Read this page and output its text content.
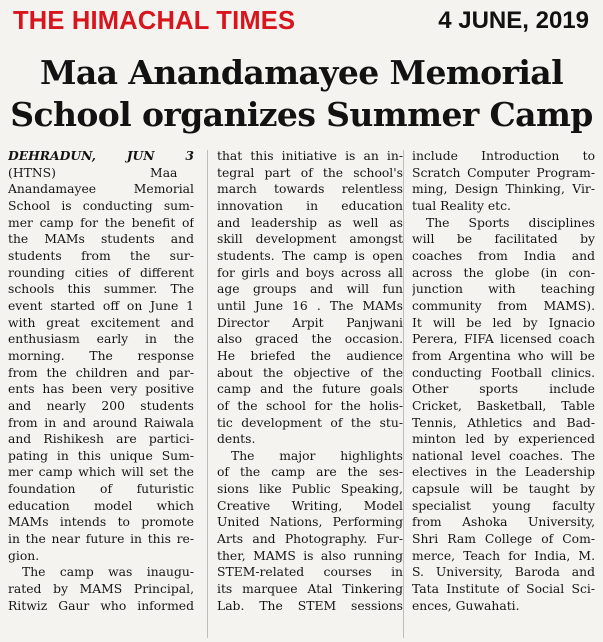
THE HIMACHAL TIMES	4 JUNE, 2019
Maa Anandamayee Memorial
School organizes Summer Camp
DEHRADUN, JUN 3
(HTNS)                        Maa
Anandamayee Memorial
School is conducting sum-
mer camp for the benefit of
the MAMs students and
students from the sur-
rounding cities of different
schools this summer. The
event started off on June 1
with great excitement and
enthusiasm early in the
morning. The response
from the children and par-
ents has been very positive
and nearly 200 students
from in and around Raiwala
and Rishikesh are partici-
pating in this unique Sum-
mer camp which will set the
foundation of futuristic
education model which
MAMs intends to promote
in the near future in this re-
gion.
The camp was inaugu-
rated by MAMS Principal,
Ritwiz Gaur who informed
that this initiative is an in-
tegral part of the school's
march towards relentless
innovation in education
and leadership as well as
skill development amongst
students. The camp is open
for girls and boys across all
age groups and will fun
until June 16 . The MAMs
Director Arpit Panjwani
also graced the occasion.
He briefed the audience
about the objective of the
camp and the future goals
of the school for the holis-
tic development of the stu-
dents.
The major highlights
of the camp are the ses-
sions like Public Speaking,
Creative Writing, Model
United Nations, Performing
Arts and Photography. Fur-
ther, MAMS is also running
STEM-related courses in
its marquee Atal Tinkering
Lab. The STEM sessions
include Introduction to
Scratch Computer Program-
ming, Design Thinking, Vir-
tual Reality etc.
The Sports disciplines
will be facilitated by
coaches from India and
across the globe (in con-
junction with teaching
community from MAMS).
It will be led by Ignacio
Perera, FIFA licensed coach
from Argentina who will be
conducting Football clinics.
Other sports include
Cricket, Basketball, Table
Tennis, Athletics and Bad-
minton led by experienced
national level coaches. The
electives in the Leadership
capsule will be taught by
specialist young faculty
from Ashoka University,
Shri Ram College of Com-
merce, Teach for India, M.
S. University, Baroda and
Tata Institute of Social Sci-
ences, Guwahati.
